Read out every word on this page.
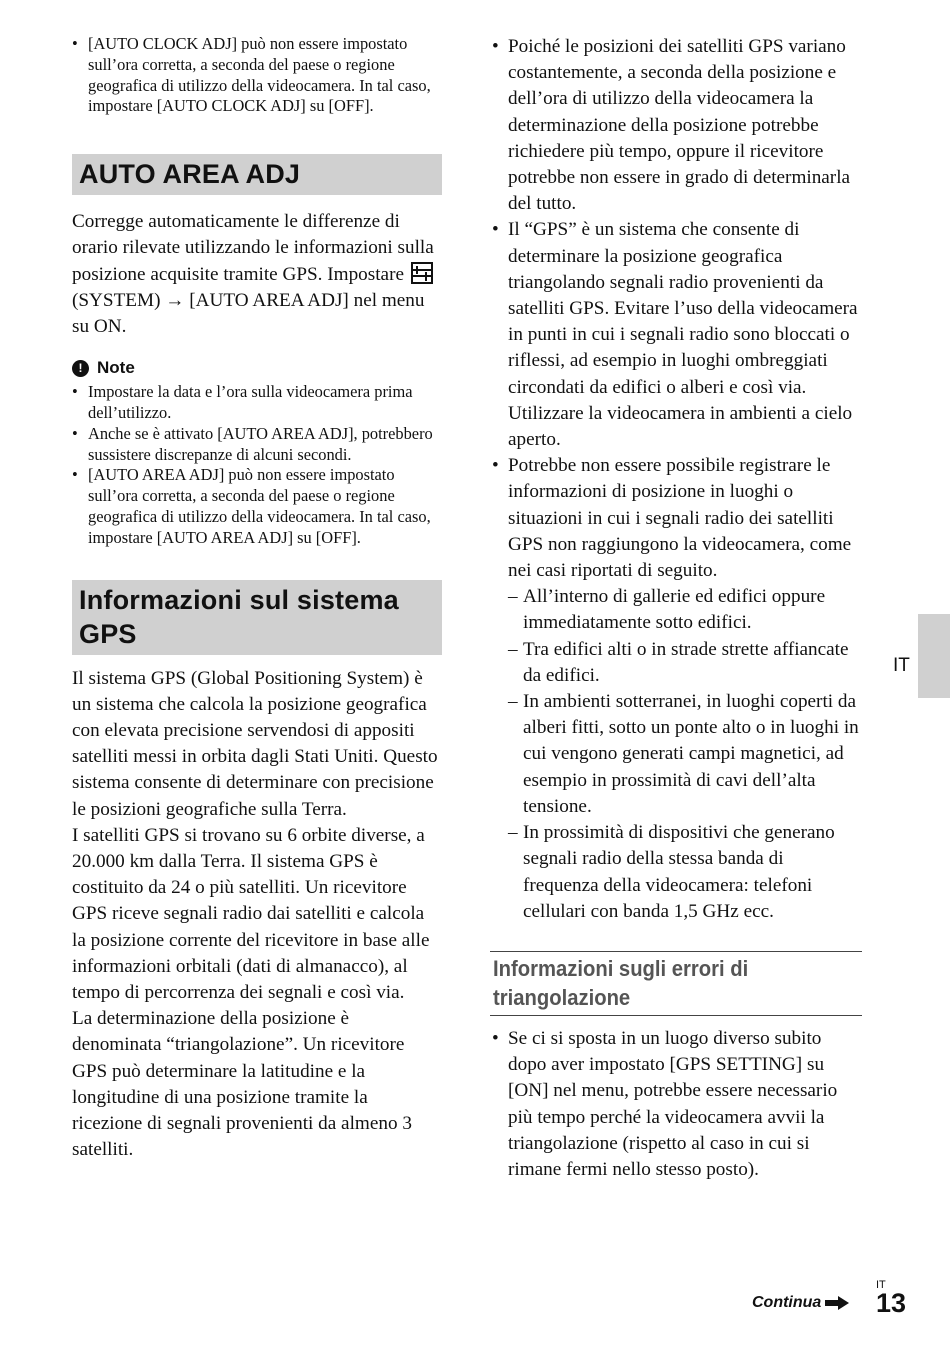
• [AUTO CLOCK ADJ] può non essere impostato sull’ora corretta, a seconda del paese o regione geografica di utilizzo della videocamera. In tal caso, impostare [AUTO CLOCK ADJ] su [OFF].
AUTO AREA ADJ

Corregge automaticamente le differenze di orario rilevate utilizzando le informazioni sulla posizione acquisite tramite GPS. Impostare  (SYSTEM) → [AUTO AREA ADJ] nel menu su ON.

! Note
• Impostare la data e l’ora sulla videocamera prima dell’utilizzo.
• Anche se è attivato [AUTO AREA ADJ], potrebbero sussistere discrepanze di alcuni secondi.
• [AUTO AREA ADJ] può non essere impostato sull’ora corretta, a seconda del paese o regione geografica di utilizzo della videocamera. In tal caso, impostare [AUTO AREA ADJ] su [OFF].
Informazioni sul sistema GPS

Il sistema GPS (Global Positioning System) è un sistema che calcola la posizione geografica con elevata precisione servendosi di appositi satelliti messi in orbita dagli Stati Uniti. Questo sistema consente di determinare con precisione le posizioni geografiche sulla Terra.

I satelliti GPS si trovano su 6 orbite diverse, a 20.000 km dalla Terra. Il sistema GPS è costituito da 24 o più satelliti. Un ricevitore GPS riceve segnali radio dai satelliti e calcola la posizione corrente del ricevitore in base alle informazioni orbitali (dati di almanacco), al tempo di percorrenza dei segnali e così via.

La determinazione della posizione è denominata “triangolazione”. Un ricevitore GPS può determinare la latitudine e la longitudine di una posizione tramite la ricezione di segnali provenienti da almeno 3 satelliti.

• Poiché le posizioni dei satelliti GPS variano costantemente, a seconda della posizione e dell’ora di utilizzo della videocamera la determinazione della posizione potrebbe richiedere più tempo, oppure il ricevitore potrebbe non essere in grado di determinarla del tutto.
• Il “GPS” è un sistema che consente di determinare la posizione geografica triangolando segnali radio provenienti da satelliti GPS. Evitare l’uso della videocamera in punti in cui i segnali radio sono bloccati o riflessi, ad esempio in luoghi ombreggiati circondati da edifici o alberi e così via. Utilizzare la videocamera in ambienti a cielo aperto.
• Potrebbe non essere possibile registrare le informazioni di posizione in luoghi o situazioni in cui i segnali radio dei satelliti GPS non raggiungono la videocamera, come nei casi riportati di seguito.
– All’interno di gallerie ed edifici oppure immediatamente sotto edifici.
– Tra edifici alti o in strade strette affiancate da edifici.
– In ambienti sotterranei, in luoghi coperti da alberi fitti, sotto un ponte alto o in luoghi in cui vengono generati campi magnetici, ad esempio in prossimità di cavi dell’alta tensione.
– In prossimità di dispositivi che generano segnali radio della stessa banda di frequenza della videocamera: telefoni cellulari con banda 1,5 GHz ecc.
Informazioni sugli errori di triangolazione
• Se ci si sposta in un luogo diverso subito dopo aver impostato [GPS SETTING] su [ON] nel menu, potrebbe essere necessario più tempo perché la videocamera avvii la triangolazione (rispetto al caso in cui si rimane fermi nello stesso posto).
IT
Continua
IT
13
